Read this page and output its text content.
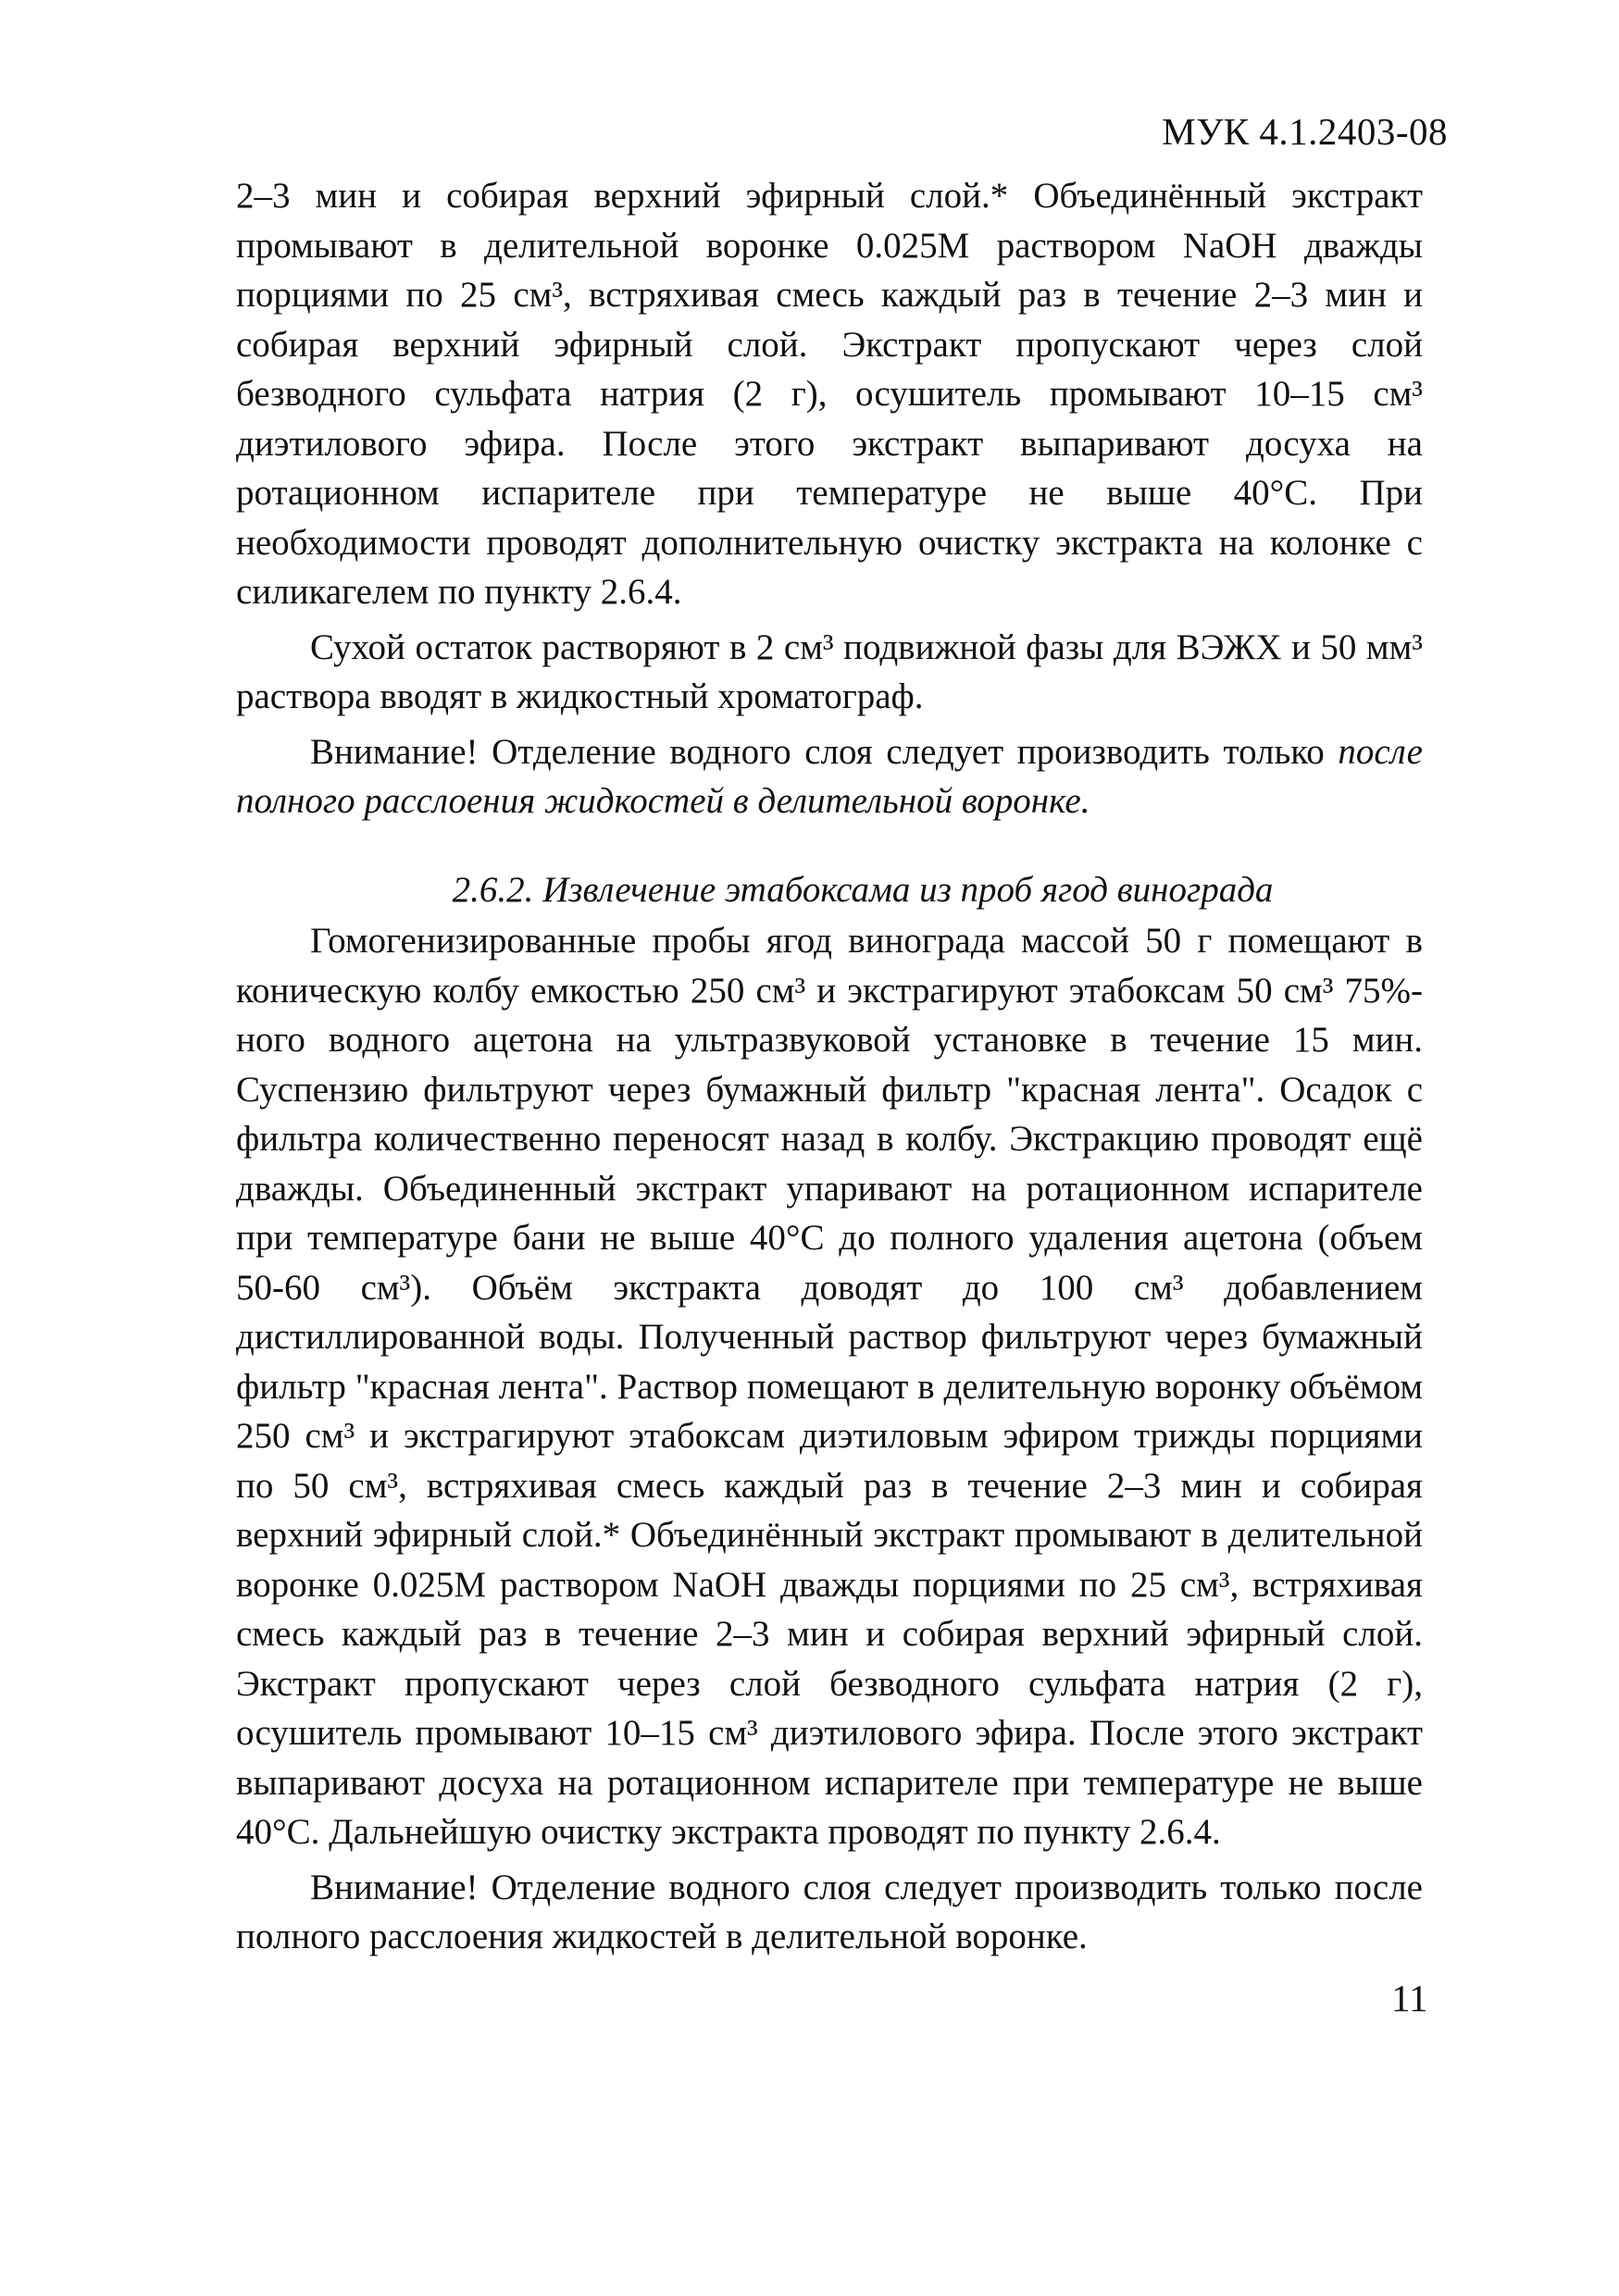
МУК 4.1.2403-08

2–3 мин и собирая верхний эфирный слой.* Объединённый экстракт промывают в делительной воронке 0.025М раствором NaOH дважды порциями по 25 см³, встряхивая смесь каждый раз в течение 2–3 мин и собирая верхний эфирный слой. Экстракт пропускают через слой безводного сульфата натрия (2 г), осушитель промывают 10–15 см³ диэтилового эфира. После этого экстракт выпаривают досуха на ротационном испарителе при температуре не выше 40°С. При необходимости проводят дополнительную очистку экстракта на колонке с силикагелем по пункту 2.6.4.

Сухой остаток растворяют в 2 см³ подвижной фазы для ВЭЖХ и 50 мм³ раствора вводят в жидкостный хроматограф.

Внимание! Отделение водного слоя следует производить только после полного расслоения жидкостей в делительной воронке.

2.6.2. Извлечение этабоксама из проб ягод винограда

Гомогенизированные пробы ягод винограда массой 50 г помещают в коническую колбу емкостью 250 см³ и экстрагируют этабоксам 50 см³ 75%-ного водного ацетона на ультразвуковой установке в течение 15 мин. Суспензию фильтруют через бумажный фильтр "красная лента". Осадок с фильтра количественно переносят назад в колбу. Экстракцию проводят ещё дважды. Объединенный экстракт упаривают на ротационном испарителе при температуре бани не выше 40°С до полного удаления ацетона (объем 50-60 см³). Объём экстракта доводят до 100 см³ добавлением дистиллированной воды. Полученный раствор фильтруют через бумажный фильтр "красная лента". Раствор помещают в делительную воронку объёмом 250 см³ и экстрагируют этабоксам диэтиловым эфиром трижды порциями по 50 см³, встряхивая смесь каждый раз в течение 2–3 мин и собирая верхний эфирный слой.* Объединённый экстракт промывают в делительной воронке 0.025М раствором NaOH дважды порциями по 25 см³, встряхивая смесь каждый раз в течение 2–3 мин и собирая верхний эфирный слой. Экстракт пропускают через слой безводного сульфата натрия (2 г), осушитель промывают 10–15 см³ диэтилового эфира. После этого экстракт выпаривают досуха на ротационном испарителе при температуре не выше 40°С. Дальнейшую очистку экстракта проводят по пункту 2.6.4.

Внимание! Отделение водного слоя следует производить только после полного расслоения жидкостей в делительной воронке.

11
